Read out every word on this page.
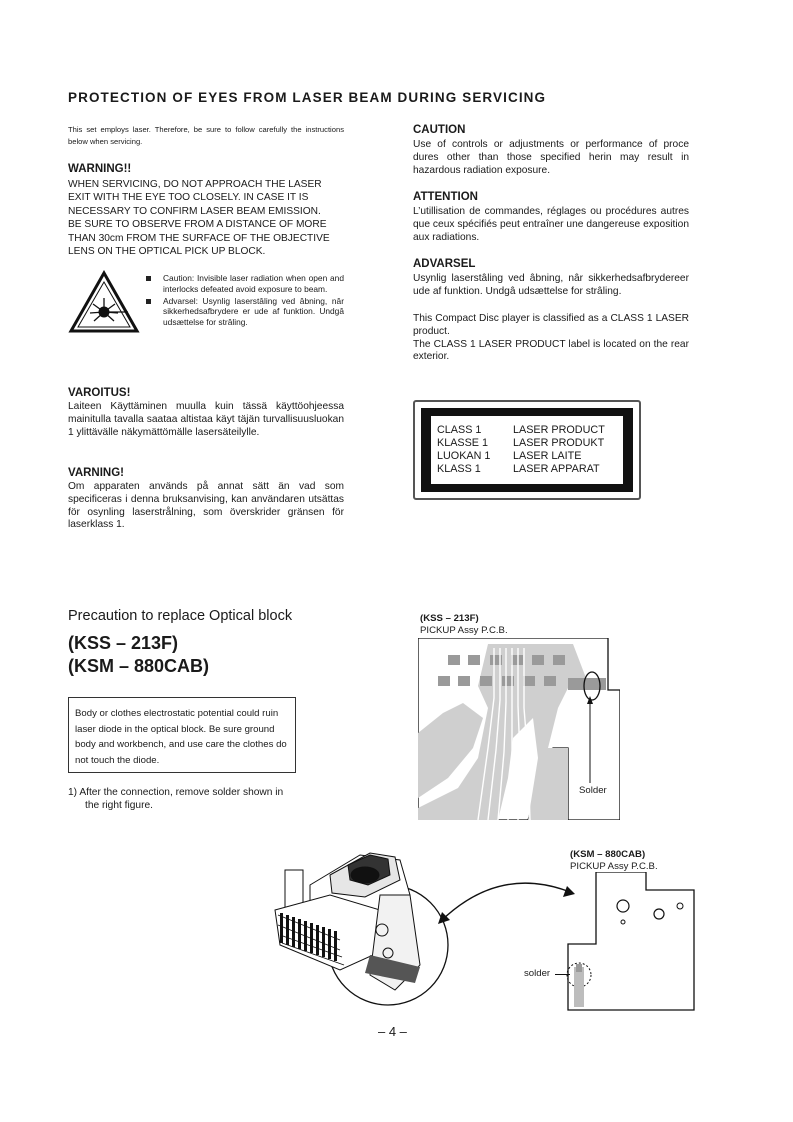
PROTECTION OF EYES FROM LASER BEAM DURING SERVICING
This set employs laser. Therefore, be sure to follow carefully the instructions below when servicing.
WARNING!!
WHEN SERVICING, DO NOT APPROACH THE LASER
EXIT WITH THE EYE TOO CLOSELY. IN CASE IT IS
NECESSARY TO CONFIRM LASER BEAM EMISSION.
BE SURE TO OBSERVE FROM A DISTANCE OF MORE
THAN 30cm FROM THE SURFACE OF THE OBJECTIVE
LENS ON THE OPTICAL PICK UP BLOCK.
Caution: Invisible laser radiation when open and interlocks defeated avoid exposure to beam.
Advarsel: Usynlig laserstâling ved âbning, nâr sikkerhedsafbrydere er ude af funktion. Undgâ udsættelse for strâling.
VAROITUS!
Laiteen Käyttäminen muulla kuin tässä käyttöohjeessa mainitulla tavalla saataa altistaa käyt täjän turvallisuusluokan 1 ylittävälle näkymättömälle lasersäteilylle.
VARNING!
Om apparaten används på annat sätt än vad som specificeras i denna bruksanvising, kan användaren utsättas för osynling laserstrålning, som överskrider gränsen för laserklass 1.
CAUTION
Use of controls or adjustments or performance of proce dures other than those specified herin may result in hazardous radiation exposure.
ATTENTION
L’utillisation de commandes, réglages ou procédures autres que ceux spécifiés peut entraîner une dangereuse exposition aux radiations.
ADVARSEL
Usynlig laserstâling ved âbning, nâr sikkerhedsafbrydereer ude af funktion. Undgâ udsættelse for strâling.
This Compact Disc player is classified as a CLASS 1 LASER product.
The CLASS 1 LASER PRODUCT label is located on the rear exterior.
CLASS 1	LASER PRODUCT
KLASSE 1 LASER PRODUKT
LUOKAN 1 LASER LAITE
KLASS 1	LASER APPARAT
Precaution to replace Optical block
(KSS – 213F)
(KSM – 880CAB)
Body or clothes electrostatic potential could ruin laser diode in the optical block. Be sure ground body and workbench, and use care the clothes do not touch the diode.
1) After the connection, remove solder shown in the right figure.
(KSS – 213F)
PICKUP Assy P.C.B.
Solder
(KSM – 880CAB)
PICKUP Assy P.C.B.
solder
– 4 –
